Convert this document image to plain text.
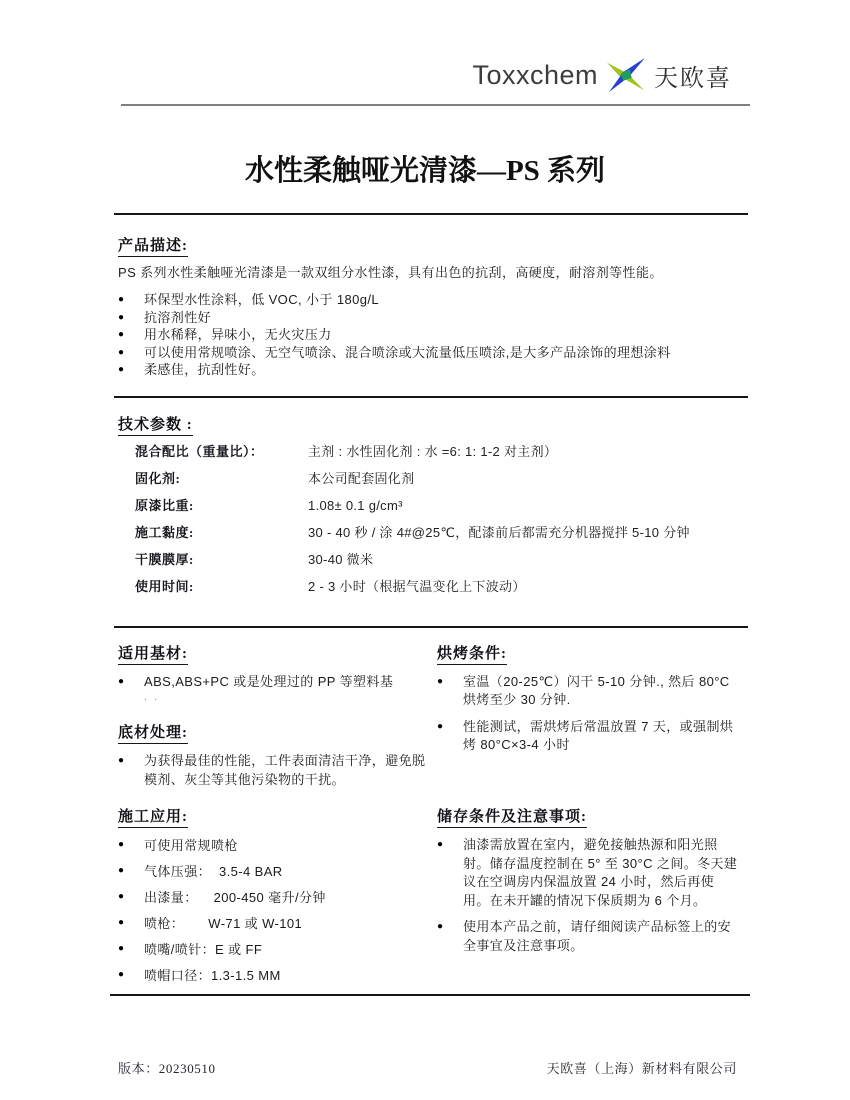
Toxxchem 天欧喜
水性柔触哑光清漆—PS 系列
产品描述:

PS 系列水性柔触哑光清漆是一款双组分水性漆，具有出色的抗刮，高硬度，耐溶剂等性能。

●	环保型水性涂料，低 VOC, 小于 180g/L
●	抗溶剂性好
●	用水稀释，异味小，无火灾压力
●	可以使用常规喷涂、无空气喷涂、混合喷涂或大流量低压喷涂,是大多产品涂饰的理想涂料
●	柔感佳，抗刮性好。
技术参数 :
混合配比（重量比）：	主剂 : 水性固化剂 : 水 =6: 1: 1-2 对主剂）
固化剂:	本公司配套固化剂
原漆比重:	1.08± 0.1 g/cm³
施工黏度:	30 - 40 秒 / 涂 4#@25℃，配漆前后都需充分机器搅拌 5-10 分钟
干膜膜厚:	30-40 微米
使用时间:	2 - 3 小时（根据气温变化上下波动）
适用基材:
●	ABS,ABS+PC 或是处理过的 PP 等塑料基
. .
底材处理:
●	为获得最佳的性能，工件表面清洁干净，避免脱模剂、灰尘等其他污染物的干扰。
烘烤条件:
●	室温（20-25℃）闪干 5-10 分钟., 然后 80°C 烘烤至少 30 分钟.
●	性能测试，需烘烤后常温放置 7 天，或强制烘烤 80°C×3-4 小时
施工应用:
●	可使用常规喷枪
●	气体压强：  3.5-4 BAR
●	出漆量：    200-450 毫升/分钟
●	喷枪：      W-71 或 W-101
●	喷嘴/喷针：E 或 FF
●	喷帽口径：1.3-1.5 MM
储存条件及注意事项:
●	油漆需放置在室内，避免接触热源和阳光照射。储存温度控制在 5° 至 30°C 之间。冬天建议在空调房内保温放置 24 小时，然后再使用。在未开罐的情况下保质期为 6 个月。
●	使用本产品之前，请仔细阅读产品标签上的安全事宜及注意事项。
版本：20230510	天欧喜（上海）新材料有限公司
